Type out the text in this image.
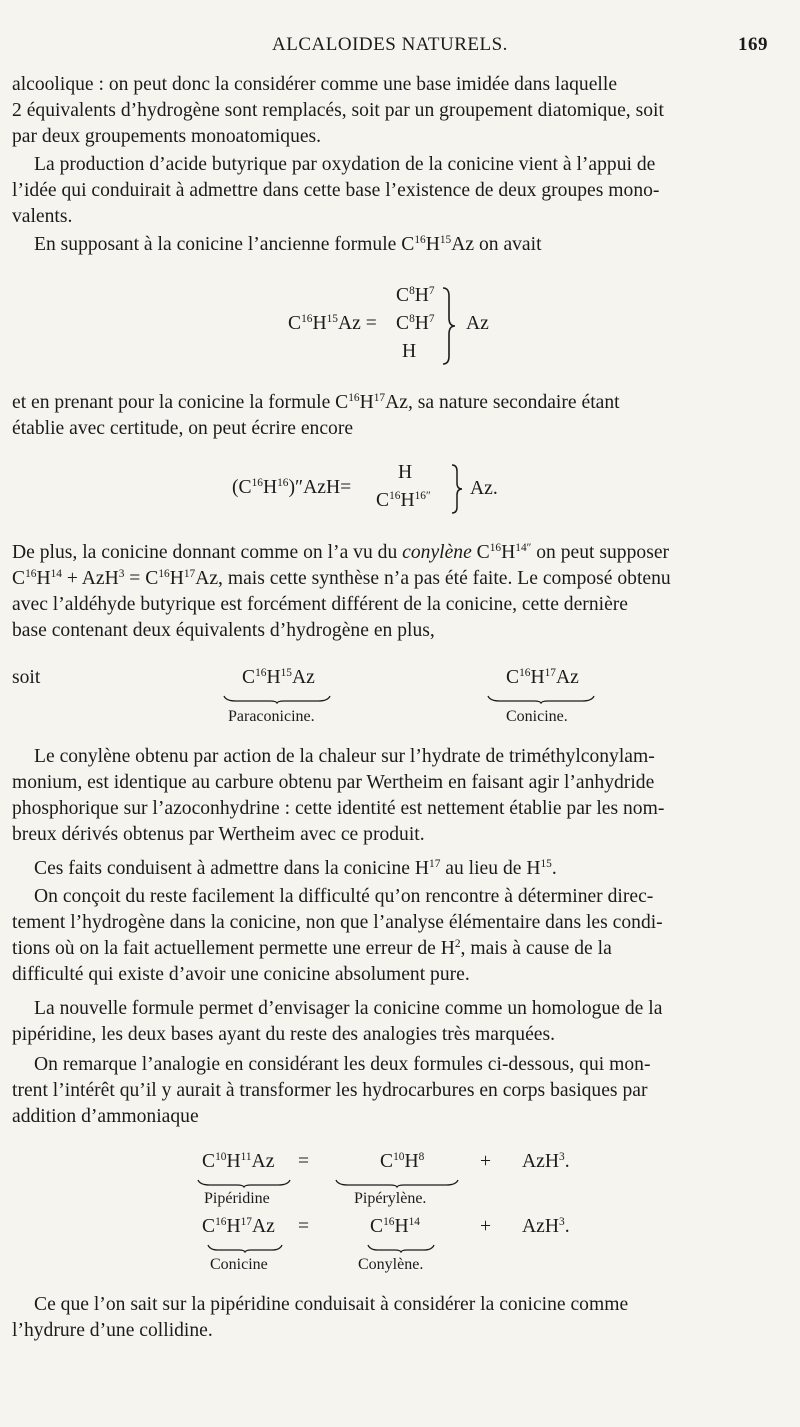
ALCALOIDES NATURELS.	169
alcoolique : on peut donc la considérer comme une base imidée dans laquelle
2 équivalents d’hydrogène sont remplacés, soit par un groupement diatomique, soit
par deux groupements monoatomiques.
La production d’acide butyrique par oxydation de la conicine vient à l’appui de
l’idée qui conduirait à admettre dans cette base l’existence de deux groupes mono-
valents.
En supposant à la conicine l’ancienne formule $C^{16}H^{15}Az$ on avait
$C^{16}H^{15}Az$ =
$C^8H^7$
$C^8H^7$
H
Az
et en prenant pour la conicine la formule $C^{16}H^{17}Az$, sa nature secondaire étant
établie avec certitude, on peut écrire encore
$(C^{16}H^{16})''AzH=$
H
$C^{16}H^{16''}$ Az.
De plus, la conicine donnant comme on l’a vu du conylène $C^{16}H^{14''}$ on peut supposer
$C^{16}H^{14} + AzH^3 = C^{16}H^{17}Az$, mais cette synthèse n’a pas été faite. Le composé obtenu
avec l’aldéhyde butyrique est forcément différent de la conicine, cette dernière
base contenant deux équivalents d’hydrogène en plus,
soit	$C^{16}H^{15}Az$	$C^{16}H^{17}Az$
Paraconicine.	Conicine.
Le conylène obtenu par action de la chaleur sur l’hydrate de triméthylconylam-
monium, est identique au carbure obtenu par Wertheim en faisant agir l’anhydride
phosphorique sur l’azoconhydrine : cette identité est nettement établie par les nom-
breux dérivés obtenus par Wertheim avec ce produit.
Ces faits conduisent à admettre dans la conicine $H^{17}$ au lieu de $H^{15}$.
On conçoit du reste facilement la difficulté qu’on rencontre à déterminer direc-
tement l’hydrogène dans la conicine, non que l’analyse élémentaire dans les condi-
tions où on la fait actuellement permette une erreur de $H^2$, mais à cause de la
difficulté qui existe d’avoir une conicine absolument pure.
La nouvelle formule permet d’envisager la conicine comme un homologue de la
pipéridine, les deux bases ayant du reste des analogies très marquées.
On remarque l’analogie en considérant les deux formules ci-dessous, qui mon-
trent l’intérêt qu’il y aurait à transformer les hydrocarbures en corps basiques par
addition d’ammoniaque
$C^{10}H^{11}Az$ =	$C^{10}H^8$	+ AzH$^3$.
Pipéridine	Pipérylène.
$C^{16}H^{17}Az$ =	$C^{16}H^{14}$	+ AzH$^3$.
Conicine	Conylène.
Ce que l’on sait sur la pipéridine conduisait à considérer la conicine comme
l’hydrure d’une collidine.
